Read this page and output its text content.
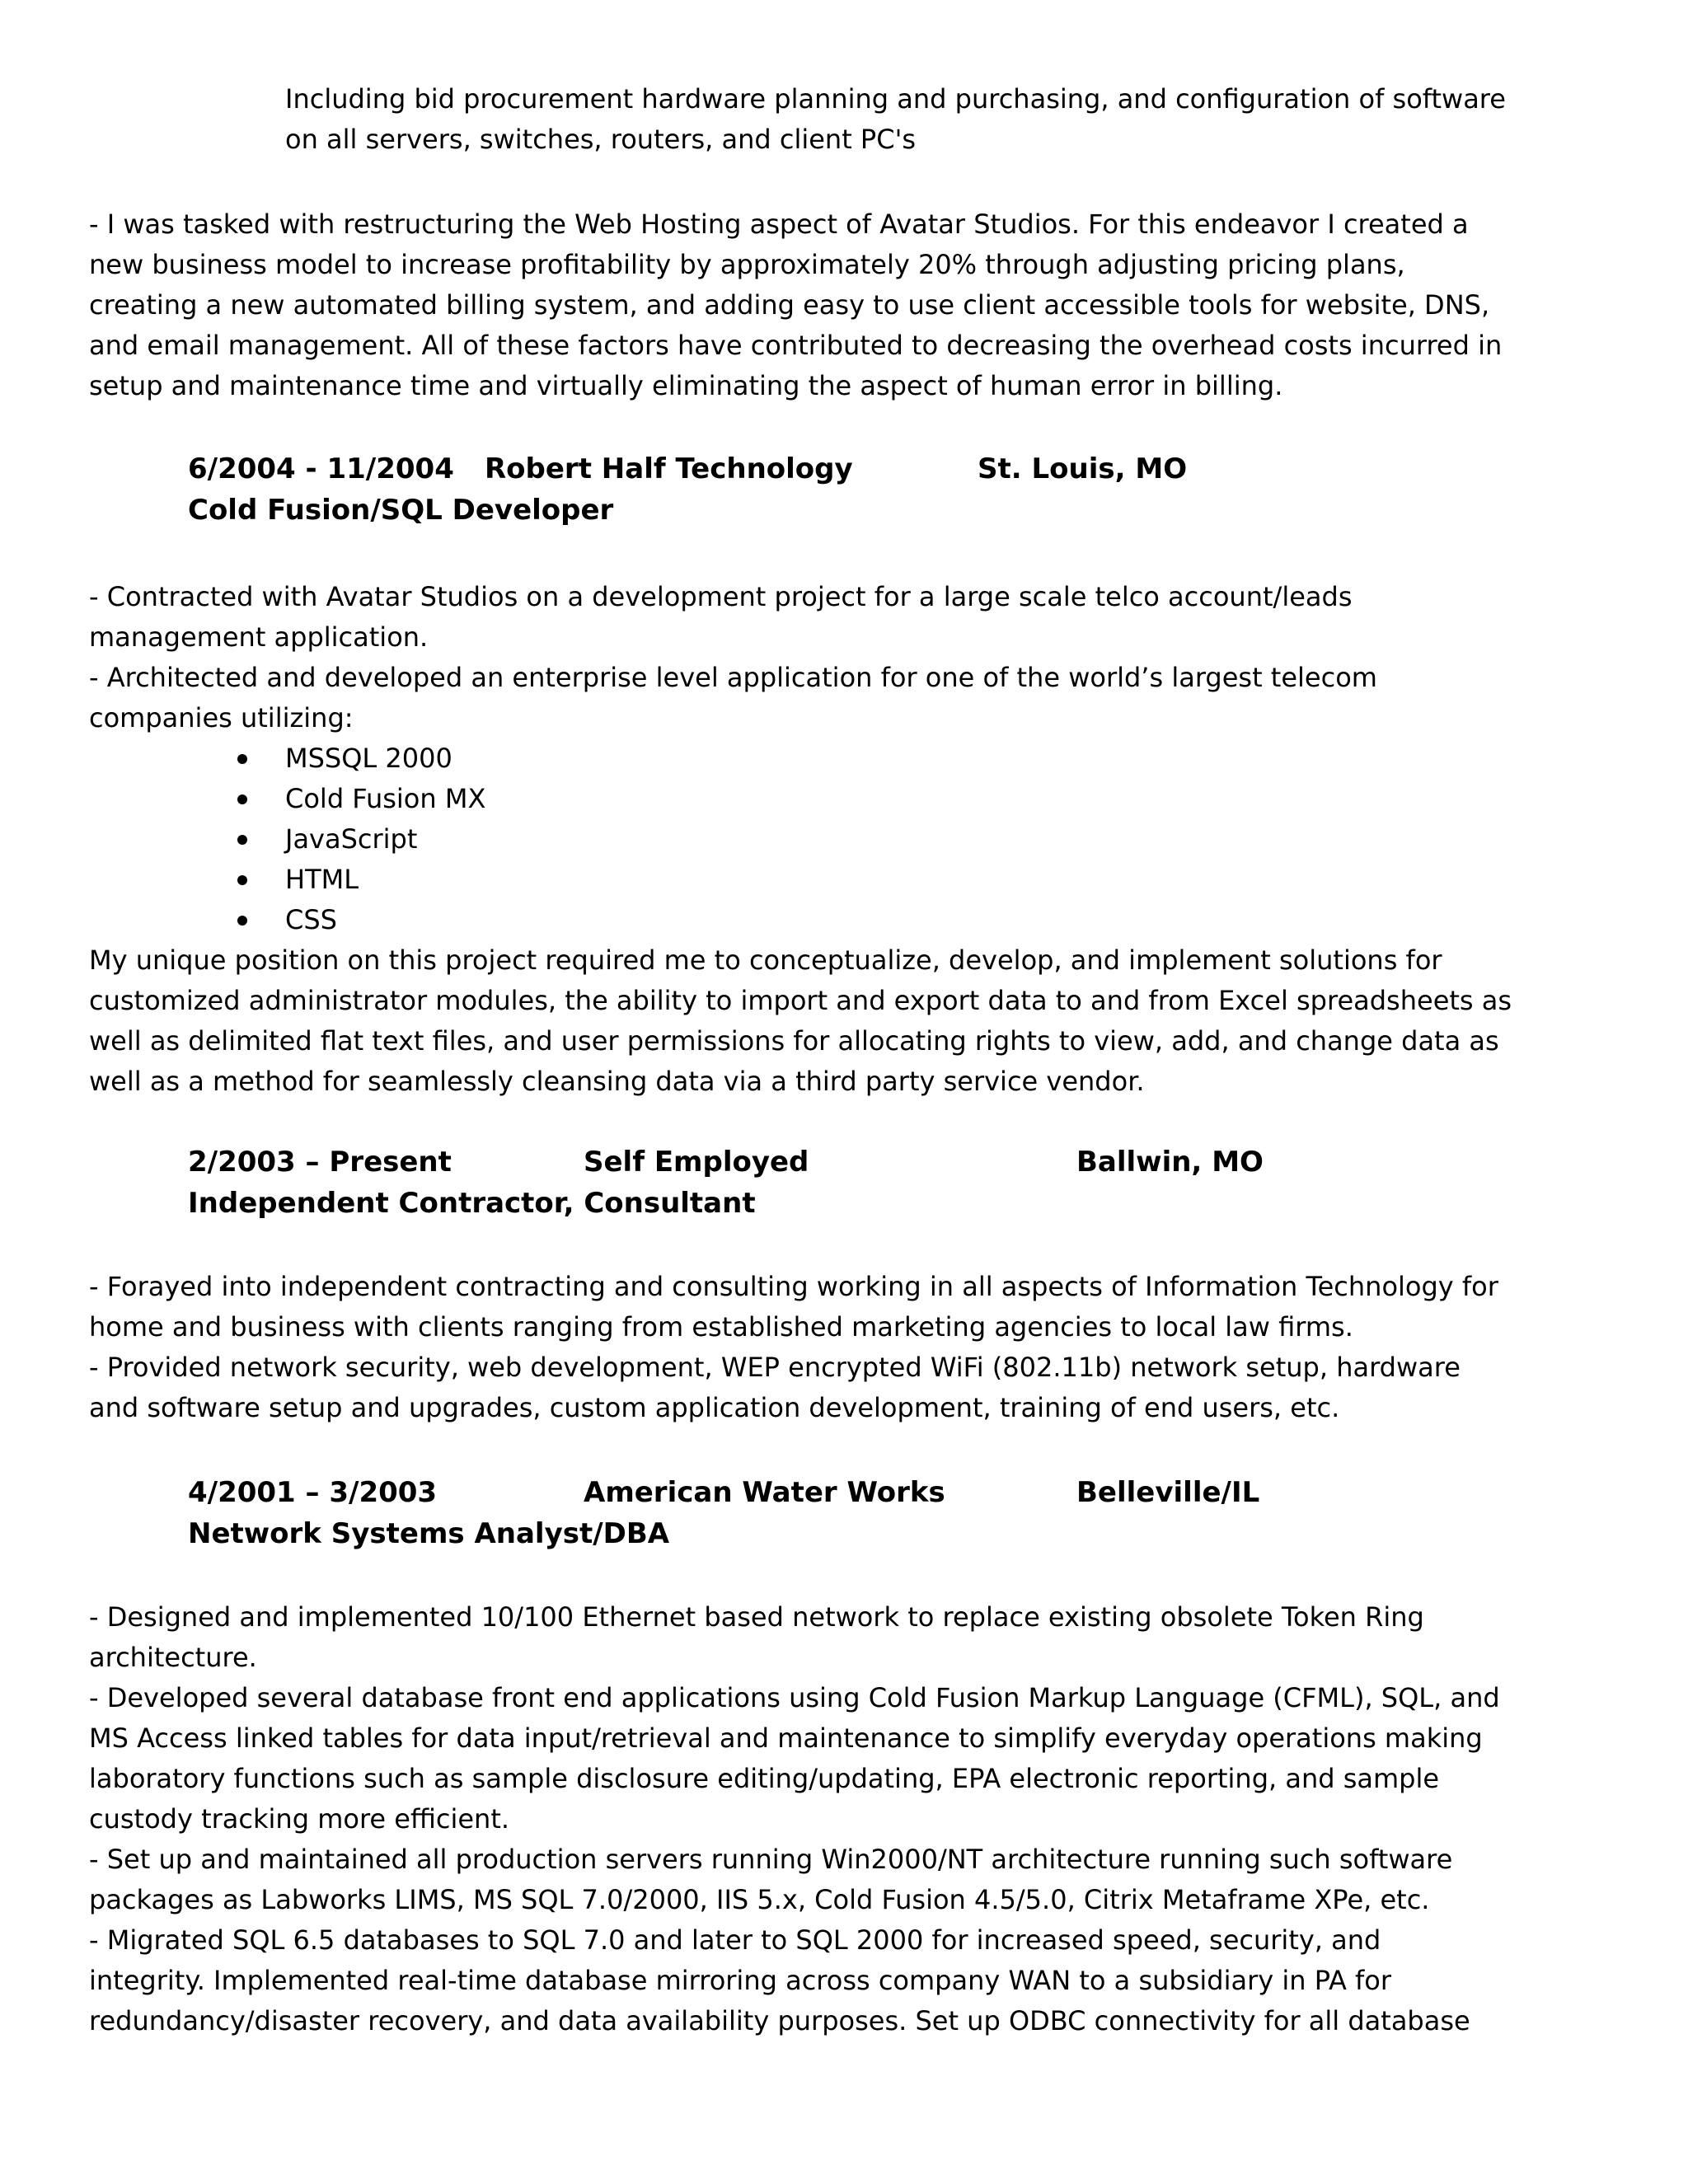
Including bid procurement hardware planning and purchasing, and configuration of software
on all servers, switches, routers, and client PC's
- I was tasked with restructuring the Web Hosting aspect of Avatar Studios. For this endeavor I created a
new business model to increase profitability by approximately 20% through adjusting pricing plans,
creating a new automated billing system, and adding easy to use client accessible tools for website, DNS,
and email management. All of these factors have contributed to decreasing the overhead costs incurred in
setup and maintenance time and virtually eliminating the aspect of human error in billing.
6/2004 - 11/2004 Robert Half Technology	St. Louis, MO
Cold Fusion/SQL Developer
- Contracted with Avatar Studios on a development project for a large scale telco account/leads
management application.
- Architected and developed an enterprise level application for one of the world’s largest telecom
companies utilizing:
MSSQL 2000
Cold Fusion MX
JavaScript
HTML
CSS
My unique position on this project required me to conceptualize, develop, and implement solutions for
customized administrator modules, the ability to import and export data to and from Excel spreadsheets as
well as delimited flat text files, and user permissions for allocating rights to view, add, and change data as
well as a method for seamlessly cleansing data via a third party service vendor.
2/2003 – Present	Self Employed	Ballwin, MO
Independent Contractor, Consultant
- Forayed into independent contracting and consulting working in all aspects of Information Technology for
home and business with clients ranging from established marketing agencies to local law firms.
- Provided network security, web development, WEP encrypted WiFi (802.11b) network setup, hardware
and software setup and upgrades, custom application development, training of end users, etc.
4/2001 – 3/2003	American Water Works	Belleville/IL
Network Systems Analyst/DBA
- Designed and implemented 10/100 Ethernet based network to replace existing obsolete Token Ring
architecture.
- Developed several database front end applications using Cold Fusion Markup Language (CFML), SQL, and
MS Access linked tables for data input/retrieval and maintenance to simplify everyday operations making
laboratory functions such as sample disclosure editing/updating, EPA electronic reporting, and sample
custody tracking more efficient.
- Set up and maintained all production servers running Win2000/NT architecture running such software
packages as Labworks LIMS, MS SQL 7.0/2000, IIS 5.x, Cold Fusion 4.5/5.0, Citrix Metaframe XPe, etc.
- Migrated SQL 6.5 databases to SQL 7.0 and later to SQL 2000 for increased speed, security, and
integrity. Implemented real-time database mirroring across company WAN to a subsidiary in PA for
redundancy/disaster recovery, and data availability purposes. Set up ODBC connectivity for all database
